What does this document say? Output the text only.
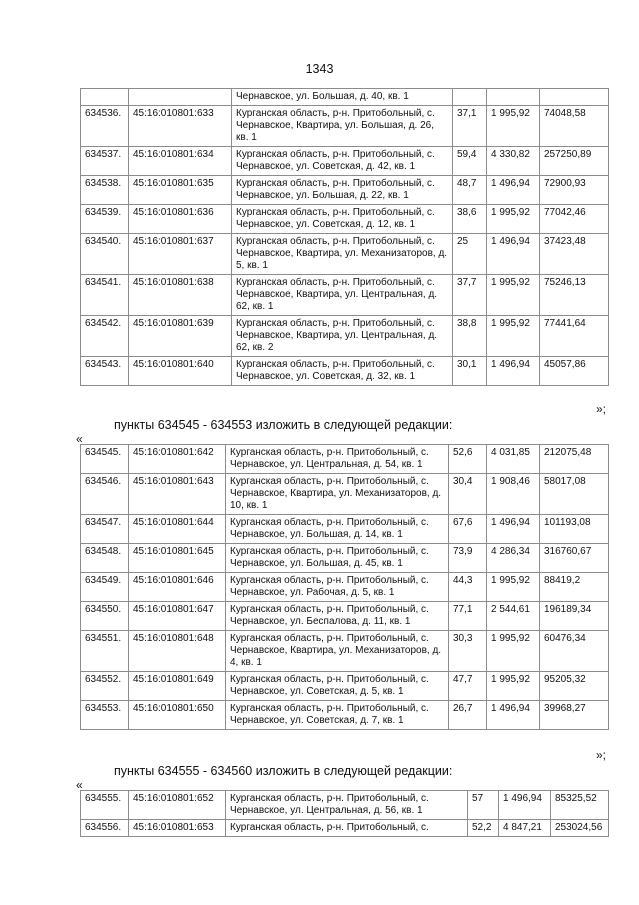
1343
		Чернавское, ул. Большая, д. 40, кв. 1			
634536.	45:16:010801:633	Курганская область, р-н. Притобольный, с. Чернавское, Квартира, ул. Большая, д. 26, кв. 1	37,1	1 995,92	74048,58
634537.	45:16:010801:634	Курганская область, р-н. Притобольный, с. Чернавское, ул. Советская, д. 42, кв. 1	59,4	4 330,82	257250,89
634538.	45:16:010801:635	Курганская область, р-н. Притобольный, с. Чернавское, ул. Большая, д. 22, кв. 1	48,7	1 496,94	72900,93
634539.	45:16:010801:636	Курганская область, р-н. Притобольный, с. Чернавское, ул. Советская, д. 12, кв. 1	38,6	1 995,92	77042,46
634540.	45:16:010801:637	Курганская область, р-н. Притобольный, с. Чернавское, Квартира, ул. Механизаторов, д. 5, кв. 1	25	1 496,94	37423,48
634541.	45:16:010801:638	Курганская область, р-н. Притобольный, с. Чернавское, Квартира, ул. Центральная, д. 62, кв. 1	37,7	1 995,92	75246,13
634542.	45:16:010801:639	Курганская область, р-н. Притобольный, с. Чернавское, Квартира, ул. Центральная, д. 62, кв. 2	38,8	1 995,92	77441,64
634543.	45:16:010801:640	Курганская область, р-н. Притобольный, с. Чернавское, ул. Советская, д. 32, кв. 1	30,1	1 496,94	45057,86
»;
пункты 634545 - 634553 изложить в следующей редакции:
«
634545.	45:16:010801:642	Курганская область, р-н. Притобольный, с. Чернавское, ул. Центральная, д. 54, кв. 1	52,6	4 031,85	212075,48
634546.	45:16:010801:643	Курганская область, р-н. Притобольный, с. Чернавское, Квартира, ул. Механизаторов, д. 10, кв. 1	30,4	1 908,46	58017,08
634547.	45:16:010801:644	Курганская область, р-н. Притобольный, с. Чернавское, ул. Большая, д. 14, кв. 1	67,6	1 496,94	101193,08
634548.	45:16:010801:645	Курганская область, р-н. Притобольный, с. Чернавское, ул. Большая, д. 45, кв. 1	73,9	4 286,34	316760,67
634549.	45:16:010801:646	Курганская область, р-н. Притобольный, с. Чернавское, ул. Рабочая, д. 5, кв. 1	44,3	1 995,92	88419,2
634550.	45:16:010801:647	Курганская область, р-н. Притобольный, с. Чернавское, ул. Беспалова, д. 11, кв. 1	77,1	2 544,61	196189,34
634551.	45:16:010801:648	Курганская область, р-н. Притобольный, с. Чернавское, Квартира, ул. Механизаторов, д. 4, кв. 1	30,3	1 995,92	60476,34
634552.	45:16:010801:649	Курганская область, р-н. Притобольный, с. Чернавское, ул. Советская, д. 5, кв. 1	47,7	1 995,92	95205,32
634553.	45:16:010801:650	Курганская область, р-н. Притобольный, с. Чернавское, ул. Советская, д. 7, кв. 1	26,7	1 496,94	39968,27
»;
пункты 634555 - 634560 изложить в следующей редакции:
«
634555.	45:16:010801:652	Курганская область, р-н. Притобольный, с. Чернавское, ул. Центральная, д. 56, кв. 1	57	1 496,94	85325,52
634556.	45:16:010801:653	Курганская область, р-н. Притобольный, с.	52,2	4 847,21	253024,56
